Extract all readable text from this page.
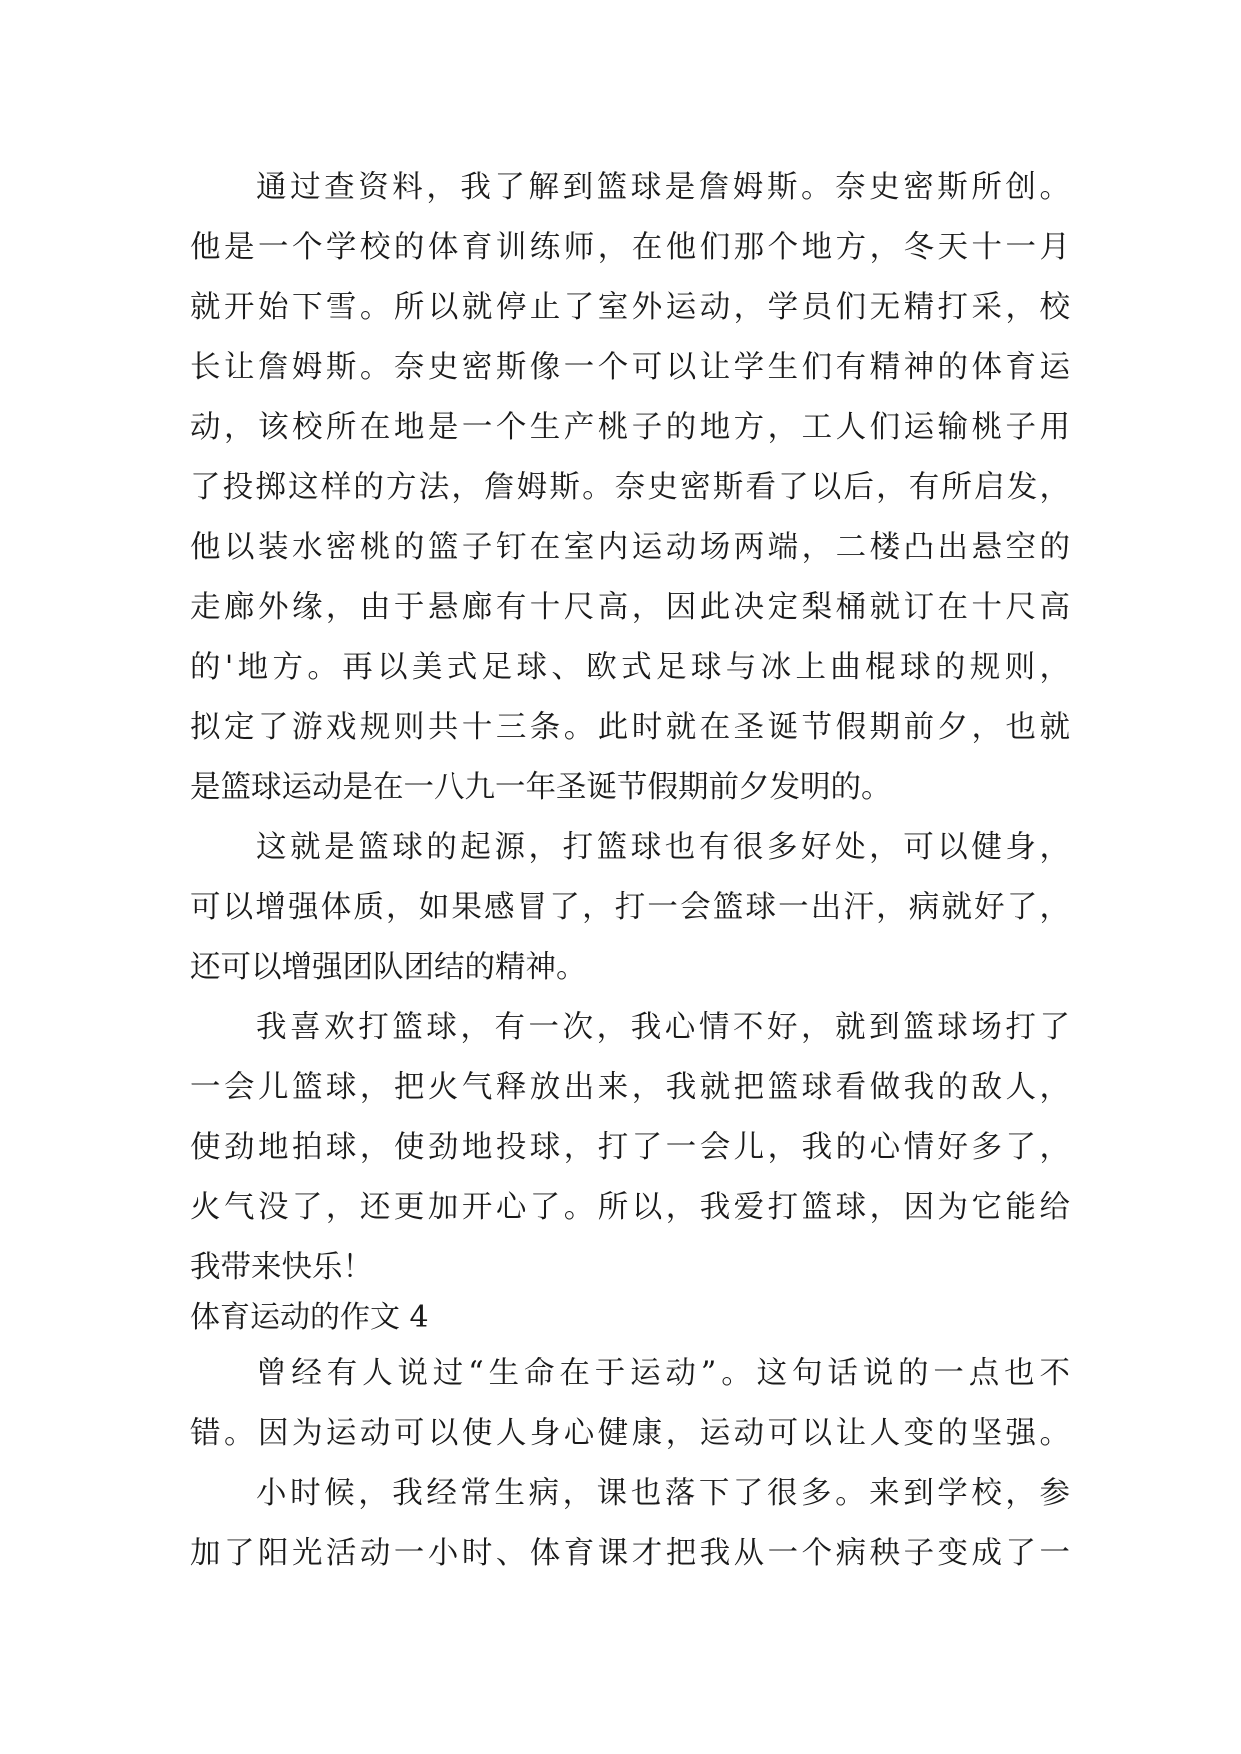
通过查资料，我了解到篮球是詹姆斯。奈史密斯所创。
他是一个学校的体育训练师，在他们那个地方，冬天十一月
就开始下雪。所以就停止了室外运动，学员们无精打采，校
长让詹姆斯。奈史密斯像一个可以让学生们有精神的体育运
动，该校所在地是一个生产桃子的地方，工人们运输桃子用
了投掷这样的方法，詹姆斯。奈史密斯看了以后，有所启发，
他以装水密桃的篮子钉在室内运动场两端，二楼凸出悬空的
走廊外缘，由于悬廊有十尺高，因此决定梨桶就订在十尺高
的'地方。再以美式足球、欧式足球与冰上曲棍球的规则，
拟定了游戏规则共十三条。此时就在圣诞节假期前夕，也就
是篮球运动是在一八九一年圣诞节假期前夕发明的。
这就是篮球的起源，打篮球也有很多好处，可以健身，
可以增强体质，如果感冒了，打一会篮球一出汗，病就好了，
还可以增强团队团结的精神。
我喜欢打篮球，有一次，我心情不好，就到篮球场打了
一会儿篮球，把火气释放出来，我就把篮球看做我的敌人，
使劲地拍球，使劲地投球，打了一会儿，我的心情好多了，
火气没了，还更加开心了。所以，我爱打篮球，因为它能给
我带来快乐！
体育运动的作文 4
曾经有人说过“生命在于运动”。这句话说的一点也不
错。因为运动可以使人身心健康，运动可以让人变的坚强。
小时候，我经常生病，课也落下了很多。来到学校，参
加了阳光活动一小时、体育课才把我从一个病秧子变成了一
